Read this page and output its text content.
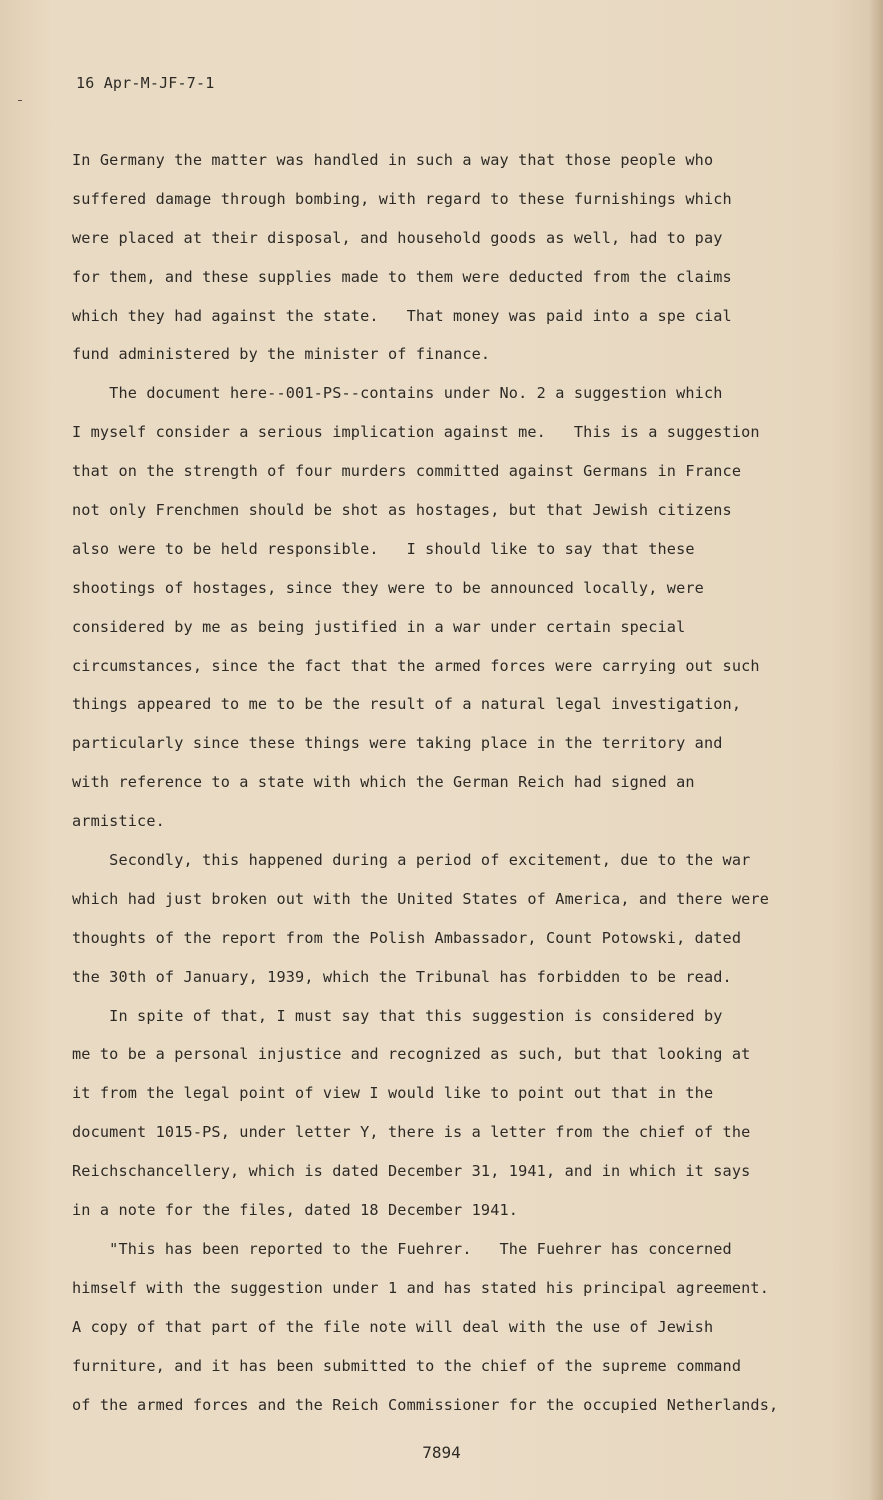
16 Apr-M-JF-7-1
In Germany the matter was handled in such a way that those people who
suffered damage through bombing, with regard to these furnishings which
were placed at their disposal, and household goods as well, had to pay
for them, and these supplies made to them were deducted from the claims
which they had against the state.   That money was paid into a spe cial
fund administered by the minister of finance.
The document here--001-PS--contains under No. 2 a suggestion which
I myself consider a serious implication against me.   This is a suggestion
that on the strength of four murders committed against Germans in France
not only Frenchmen should be shot as hostages, but that Jewish citizens
also were to be held responsible.   I should like to say that these
shootings of hostages, since they were to be announced locally, were
considered by me as being justified in a war under certain special
circumstances, since the fact that the armed forces were carrying out such
things appeared to me to be the result of a natural legal investigation,
particularly since these things were taking place in the territory and
with reference to a state with which the German Reich had signed an
armistice.
Secondly, this happened during a period of excitement, due to the war
which had just broken out with the United States of America, and there were
thoughts of the report from the Polish Ambassador, Count Potowski, dated
the 30th of January, 1939, which the Tribunal has forbidden to be read.
In spite of that, I must say that this suggestion is considered by
me to be a personal injustice and recognized as such, but that looking at
it from the legal point of view I would like to point out that in the
document 1015-PS, under letter Y, there is a letter from the chief of the
Reichschancellery, which is dated December 31, 1941, and in which it says
in a note for the files, dated 18 December 1941.
"This has been reported to the Fuehrer.   The Fuehrer has concerned
himself with the suggestion under 1 and has stated his principal agreement.
A copy of that part of the file note will deal with the use of Jewish
furniture, and it has been submitted to the chief of the supreme command
of the armed forces and the Reich Commissioner for the occupied Netherlands,
7894
